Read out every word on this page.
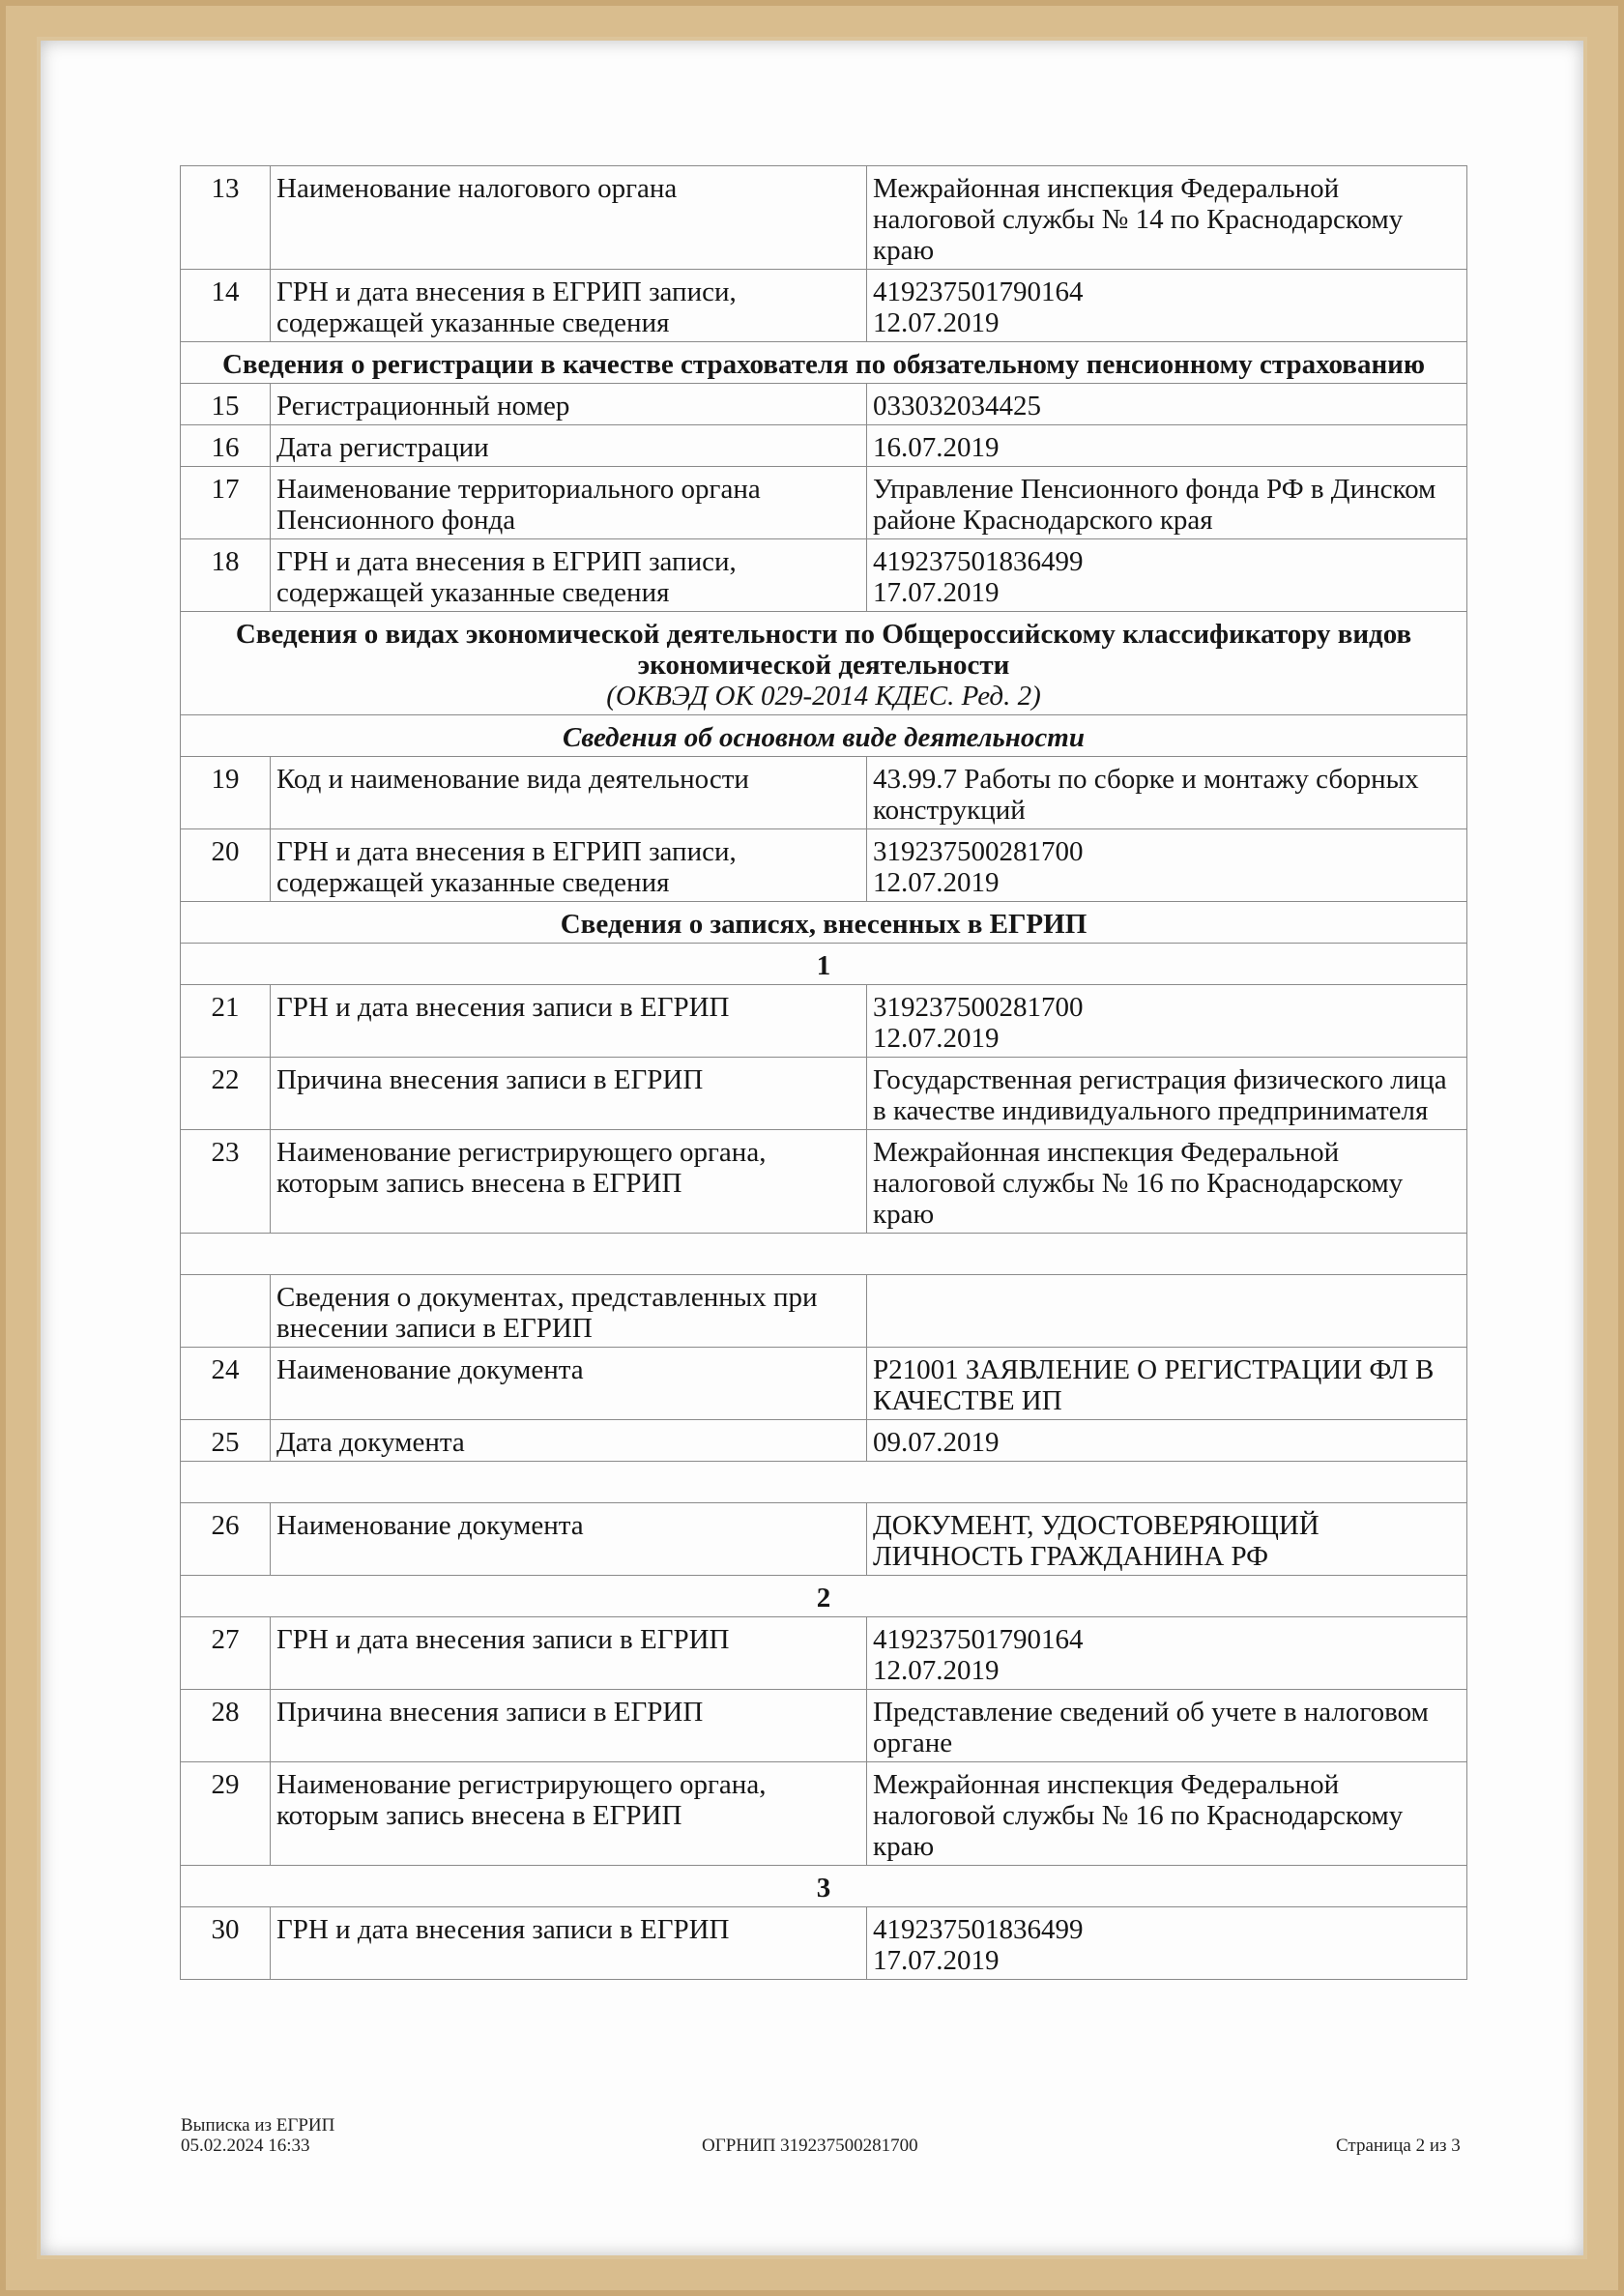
13	Наименование налогового органа	Межрайонная инспекция Федеральной налоговой службы № 14 по Краснодарскому краю
14	ГРН и дата внесения в ЕГРИП записи, содержащей указанные сведения	419237501790164
12.07.2019
Сведения о регистрации в качестве страхователя по обязательному пенсионному страхованию		
15	Регистрационный номер	033032034425
16	Дата регистрации	16.07.2019
17	Наименование территориального органа Пенсионного фонда	Управление Пенсионного фонда РФ в Динском районе Краснодарского края
18	ГРН и дата внесения в ЕГРИП записи, содержащей указанные сведения	419237501836499
17.07.2019
Сведения о видах экономической деятельности по Общероссийскому классификатору видов экономической деятельности
(ОКВЭД ОК 029-2014 КДЕС. Ред. 2)		

Сведения об основном виде деятельности		
19	Код и наименование вида деятельности	43.99.7 Работы по сборке и монтажу сборных конструкций
20	ГРН и дата внесения в ЕГРИП записи, содержащей указанные сведения	319237500281700
12.07.2019
Сведения о записях, внесенных в ЕГРИП		
1		
21	ГРН и дата внесения записи в ЕГРИП	319237500281700
12.07.2019
22	Причина внесения записи в ЕГРИП	Государственная регистрация физического лица в качестве индивидуального предпринимателя
23	Наименование регистрирующего органа, которым запись внесена в ЕГРИП	Межрайонная инспекция Федеральной налоговой службы № 16 по Краснодарскому краю

	Сведения о документах, представленных при внесении записи в ЕГРИП	
24	Наименование документа	Р21001 ЗАЯВЛЕНИЕ О РЕГИСТРАЦИИ ФЛ В КАЧЕСТВЕ ИП
25	Дата документа	09.07.2019

26	Наименование документа	ДОКУМЕНТ, УДОСТОВЕРЯЮЩИЙ ЛИЧНОСТЬ ГРАЖДАНИНА РФ
2		
27	ГРН и дата внесения записи в ЕГРИП	419237501790164
12.07.2019
28	Причина внесения записи в ЕГРИП	Представление сведений об учете в налоговом органе
29	Наименование регистрирующего органа, которым запись внесена в ЕГРИП	Межрайонная инспекция Федеральной налоговой службы № 16 по Краснодарскому краю
3		
30	ГРН и дата внесения записи в ЕГРИП	419237501836499
17.07.2019
Выписка из ЕГРИП
05.02.2024 16:33	ОГРНИП 319237500281700	Страница 2 из 3
